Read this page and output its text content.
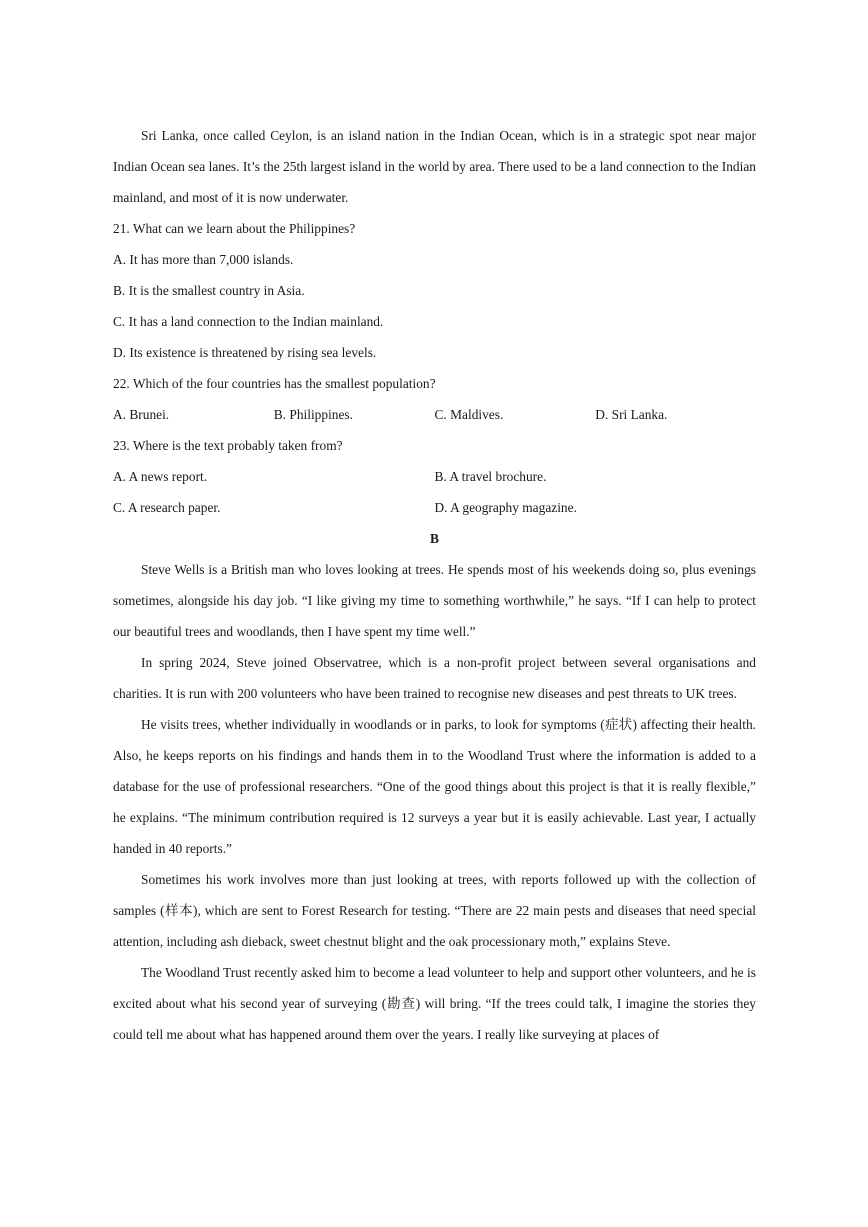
Sri Lanka, once called Ceylon, is an island nation in the Indian Ocean, which is in a strategic spot near major Indian Ocean sea lanes. It’s the 25th largest island in the world by area. There used to be a land connection to the Indian mainland, and most of it is now underwater.

21. What can we learn about the Philippines?

A. It has more than 7,000 islands.

B. It is the smallest country in Asia.

C. It has a land connection to the Indian mainland.

D. Its existence is threatened by rising sea levels.

22. Which of the four countries has the smallest population?

A. Brunei.	B. Philippines.	C. Maldives.	D. Sri Lanka.

23. Where is the text probably taken from?

A. A news report.	B. A travel brochure.
C. A research paper.	D. A geography magazine.

B

Steve Wells is a British man who loves looking at trees. He spends most of his weekends doing so, plus evenings sometimes, alongside his day job. “I like giving my time to something worthwhile,” he says. “If I can help to protect our beautiful trees and woodlands, then I have spent my time well.”

In spring 2024, Steve joined Observatree, which is a non-profit project between several organisations and charities. It is run with 200 volunteers who have been trained to recognise new diseases and pest threats to UK trees.

He visits trees, whether individually in woodlands or in parks, to look for symptoms (症状) affecting their health. Also, he keeps reports on his findings and hands them in to the Woodland Trust where the information is added to a database for the use of professional researchers. “One of the good things about this project is that it is really flexible,” he explains. “The minimum contribution required is 12 surveys a year but it is easily achievable. Last year, I actually handed in 40 reports.”

Sometimes his work involves more than just looking at trees, with reports followed up with the collection of samples (样本), which are sent to Forest Research for testing. “There are 22 main pests and diseases that need special attention, including ash dieback, sweet chestnut blight and the oak processionary moth,” explains Steve.

The Woodland Trust recently asked him to become a lead volunteer to help and support other volunteers, and he is excited about what his second year of surveying (勘查) will bring. “If the trees could talk, I imagine the stories they could tell me about what has happened around them over the years. I really like surveying at places of
